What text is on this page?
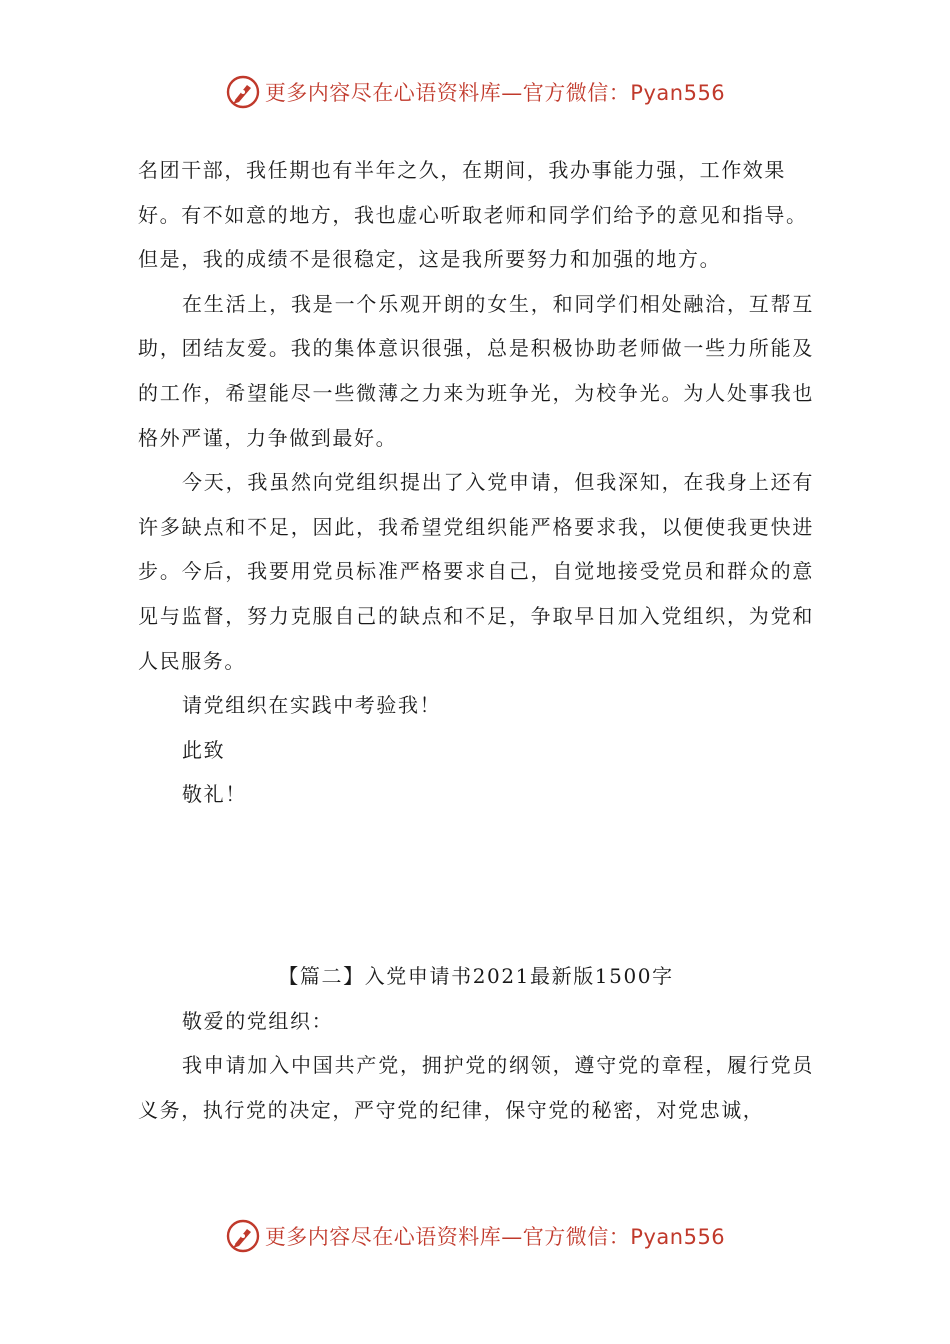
更多内容尽在心语资料库—官方微信：Pyan556
名团干部，我任期也有半年之久，在期间，我办事能力强，工作效果
好。有不如意的地方，我也虚心听取老师和同学们给予的意见和指导。
但是，我的成绩不是很稳定，这是我所要努力和加强的地方。

在生活上，我是一个乐观开朗的女生，和同学们相处融洽，互帮互助，团结友爱。我的集体意识很强，总是积极协助老师做一些力所能及的工作，希望能尽一些微薄之力来为班争光，为校争光。为人处事我也格外严谨，力争做到最好。

今天，我虽然向党组织提出了入党申请，但我深知，在我身上还有许多缺点和不足，因此，我希望党组织能严格要求我，以便使我更快进步。今后，我要用党员标准严格要求自己，自觉地接受党员和群众的意见与监督，努力克服自己的缺点和不足，争取早日加入党组织，为党和人民服务。

请党组织在实践中考验我！
此致
敬礼！
【篇二】入党申请书2021最新版1500字
敬爱的党组织：

我申请加入中国共产党，拥护党的纲领，遵守党的章程，履行党员义务，执行党的决定，严守党的纪律，保守党的秘密，对党忠诚，

更多内容尽在心语资料库—官方微信：Pyan556
